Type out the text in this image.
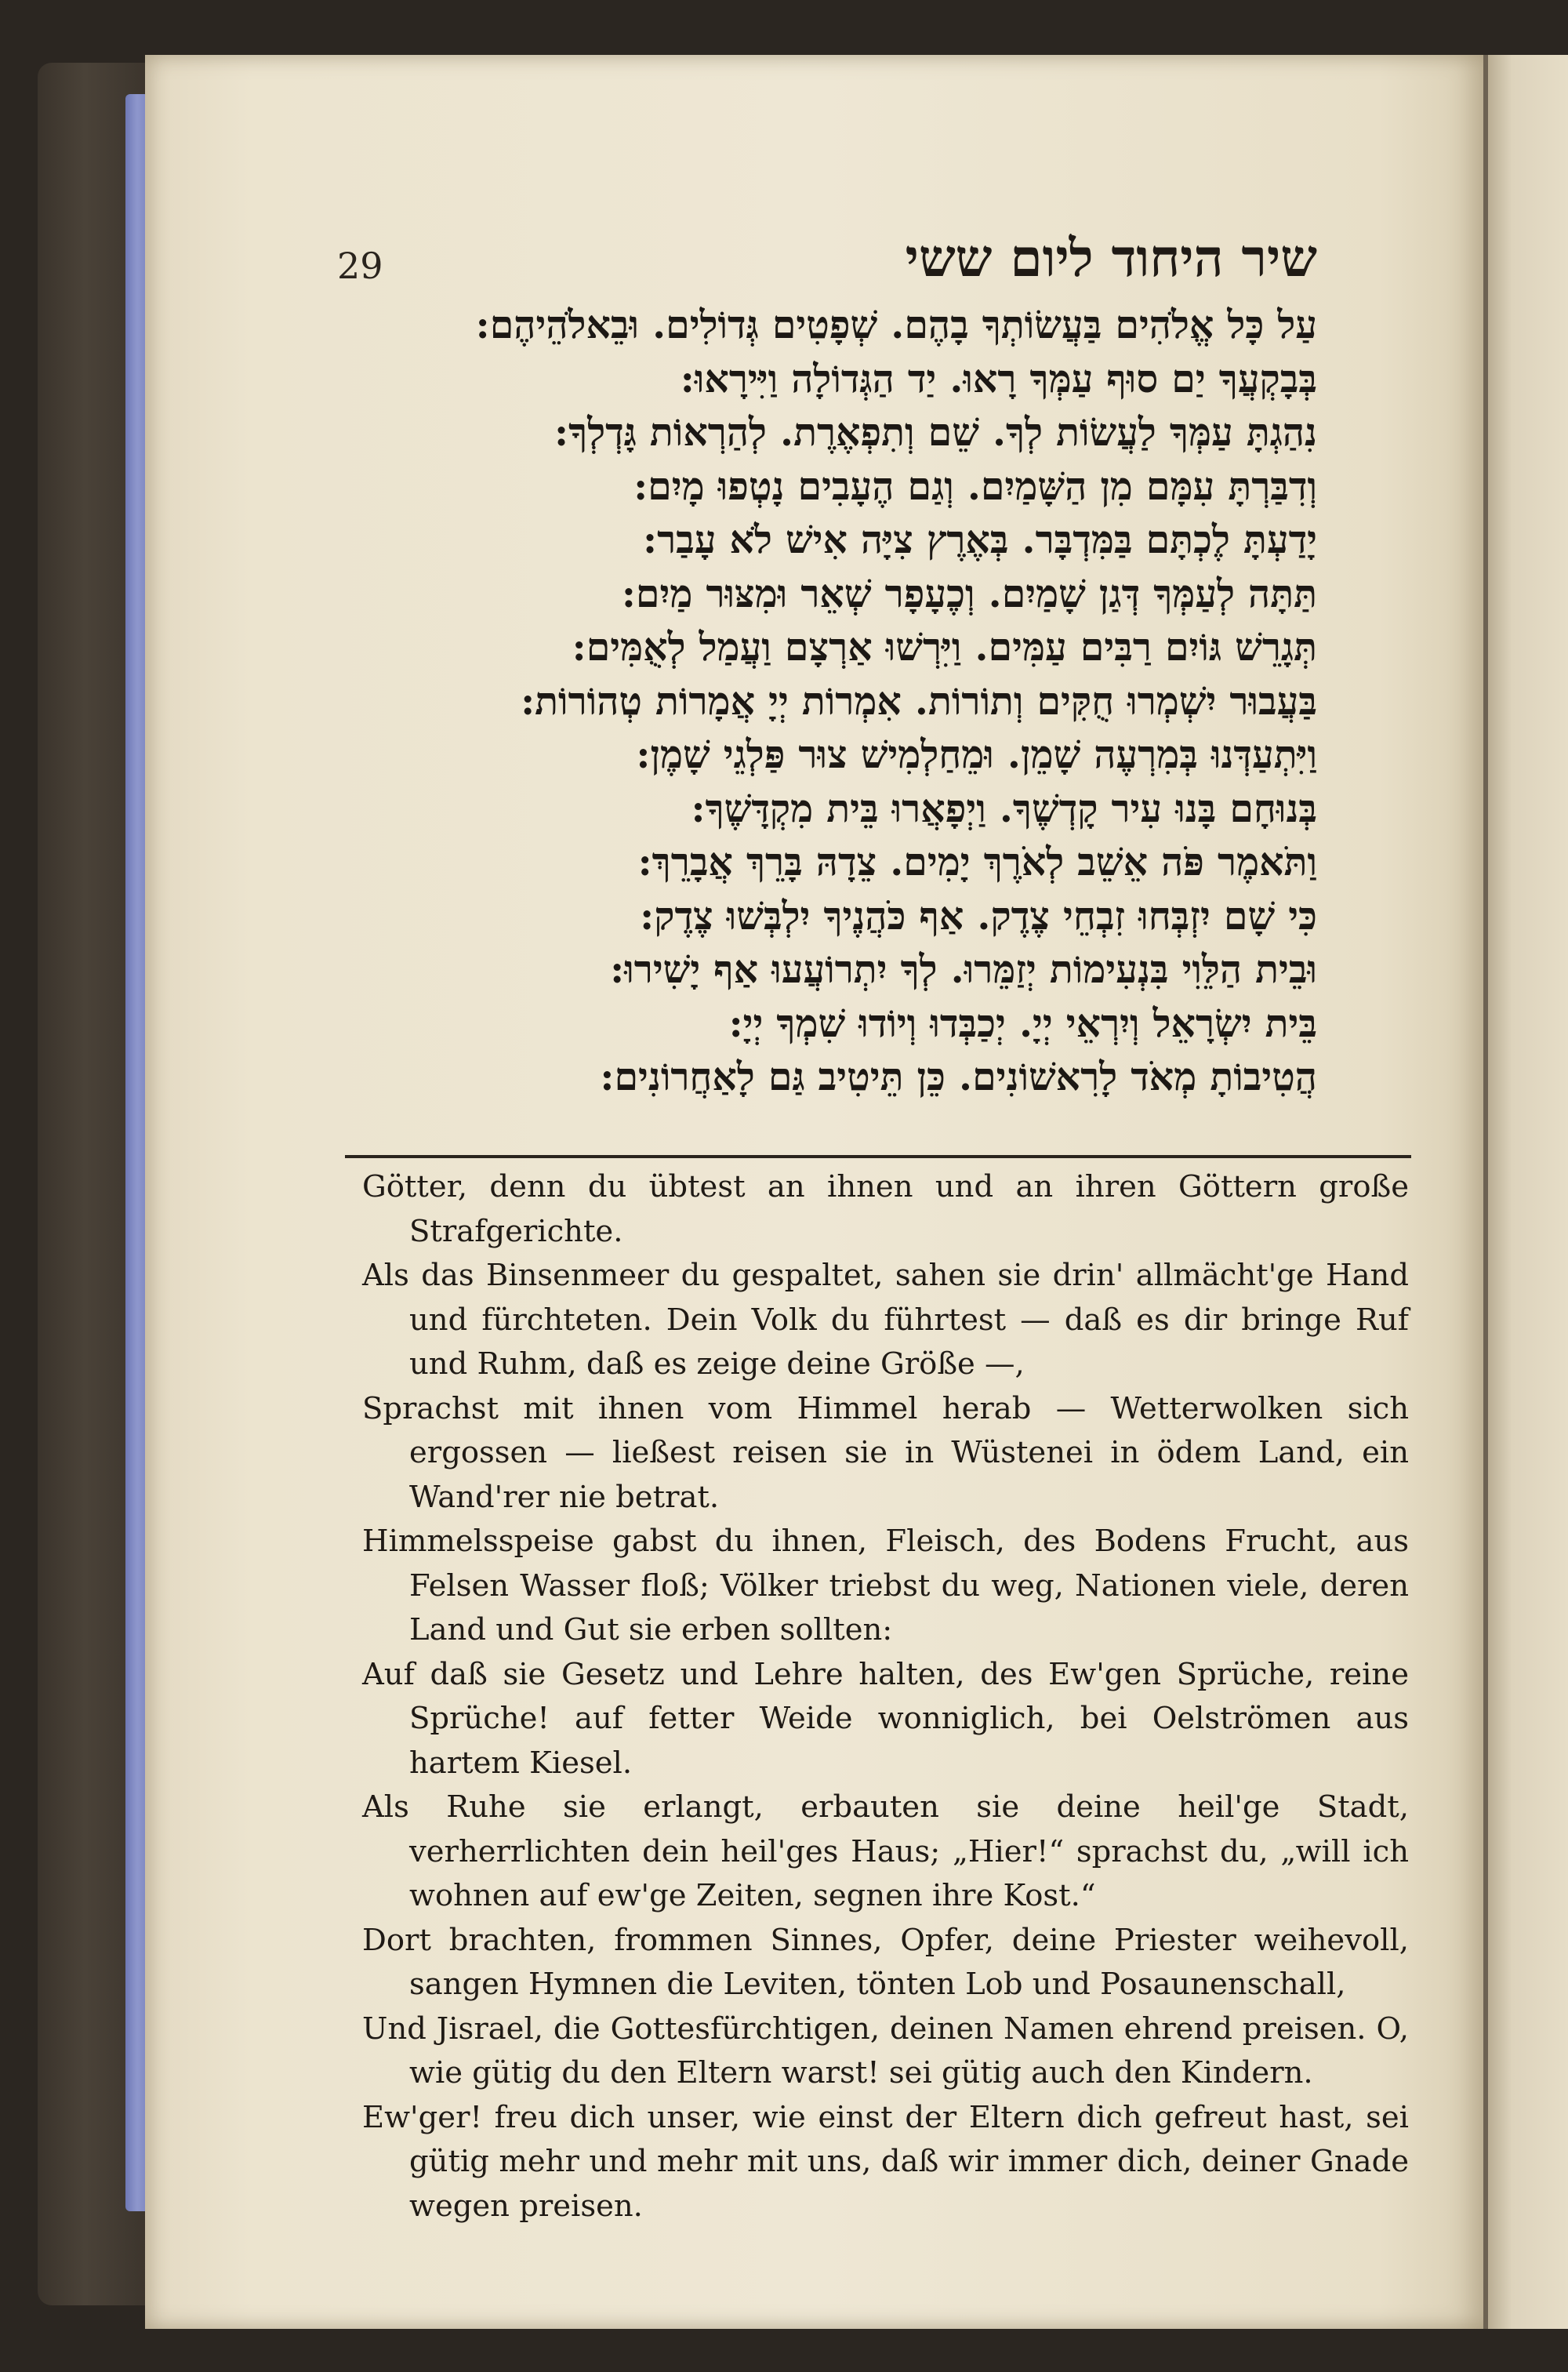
29	שיר היחוד ליום ששי
עַל כָּל אֱלֹהִים בַּעֲשׂוֹתְךָ בָהֶם. שְׁפָטִים גְּדוֹלִים. וּבֵאלֹהֵיהֶם:
בְּבָקְעֲךָ יַם סוּף עַמְּךָ רָאוּ. יַד הַגְּדוֹלָה וַיִּירָאוּ:
נִהַגְתָּ עַמְּךָ לַעֲשׂוֹת לְךָ. שֵׁם וְתִפְאֶרֶת. לְהַרְאוֹת גָּדְלְךָ:
וְדִבַּרְתָּ עִמָּם מִן הַשָּׁמַיִם. וְגַם הֶעָבִים נָטְפוּ מָיִם:
יָדַעְתָּ לֶכְתָּם בַּמִּדְבָּר. בְּאֶרֶץ צִיָּה אִישׁ לֹא עָבַר:
תַּתָּה לְעַמְּךָ דְּגַן שָׁמַיִם. וְכֶעָפָר שְׁאֵר וּמִצּוּר מַיִם:
תְּגָרֵשׁ גּוֹיִם רַבִּים עַמִּים. וַיִּרְשׁוּ אַרְצָם וַעֲמַל לְאֻמִּים:
בַּעֲבוּר יִשְׁמְרוּ חֻקִּים וְתוֹרוֹת. אִמְרוֹת יְיָ אֲמָרוֹת טְהוֹרוֹת:
וַיִּתְעַדְּנוּ בְּמִרְעֶה שָׁמֵן. וּמֵחַלְמִישׁ צוּר פַּלְגֵי שָׁמֶן:
בְּנוּחָם בָּנוּ עִיר קָדְשֶׁךָ. וַיְפָאֲרוּ בֵּית מִקְדָּשֶׁךָ:
וַתֹּאמֶר פֹּה אֵשֵׁב לְאֹרֶךְ יָמִים. צֵדָהּ בָּרֵךְ אֲבָרֵךְ:
כִּי שָׁם יִזְבְּחוּ זִבְחֵי צֶדֶק. אַף כֹּהֲנֶיךָ יִלְבְּשׁוּ צֶדֶק:
וּבֵית הַלֵּוִי בִּנְעִימוֹת יְזַמֵּרוּ. לְךָ יִתְרוֹעֲעוּ אַף יָשִׁירוּ:
בֵּית יִשְׂרָאֵל וְיִרְאֵי יְיָ. יְכַבְּדוּ וְיוֹדוּ שִׁמְךָ יְיָ:
הֲטִיבוֹתָ מְאֹד לָרִאשׁוֹנִים. כֵּן תֵּיטִיב גַּם לָאַחֲרוֹנִים:

Götter, denn du übtest an ihnen und an ihren Göttern große Strafgerichte.

Als das Binsenmeer du gespaltet, sahen sie drin' allmächt'ge Hand und fürchteten. Dein Volk du führtest — daß es dir bringe Ruf und Ruhm, daß es zeige deine Größe —,

Sprachst mit ihnen vom Himmel herab — Wetterwolken sich ergossen — ließest reisen sie in Wüstenei in ödem Land, ein Wand'rer nie betrat.

Himmelsspeise gabst du ihnen, Fleisch, des Bodens Frucht, aus Felsen Wasser floß; Völker triebst du weg, Nationen viele, deren Land und Gut sie erben sollten:

Auf daß sie Gesetz und Lehre halten, des Ew'gen Sprüche, reine Sprüche! auf fetter Weide wonniglich, bei Oelströmen aus hartem Kiesel.

Als Ruhe sie erlangt, erbauten sie deine heil'ge Stadt, verherrlichten dein heil'ges Haus; „Hier!“ sprachst du, „will ich wohnen auf ew'ge Zeiten, segnen ihre Kost.“

Dort brachten, frommen Sinnes, Opfer, deine Priester weihevoll, sangen Hymnen die Leviten, tönten Lob und Posaunenschall,

Und Jisrael, die Gottesfürchtigen, deinen Namen ehrend preisen. O, wie gütig du den Eltern warst! sei gütig auch den Kindern.

Ew'ger! freu dich unser, wie einst der Eltern dich gefreut hast, sei gütig mehr und mehr mit uns, daß wir immer dich, deiner Gnade wegen preisen.
